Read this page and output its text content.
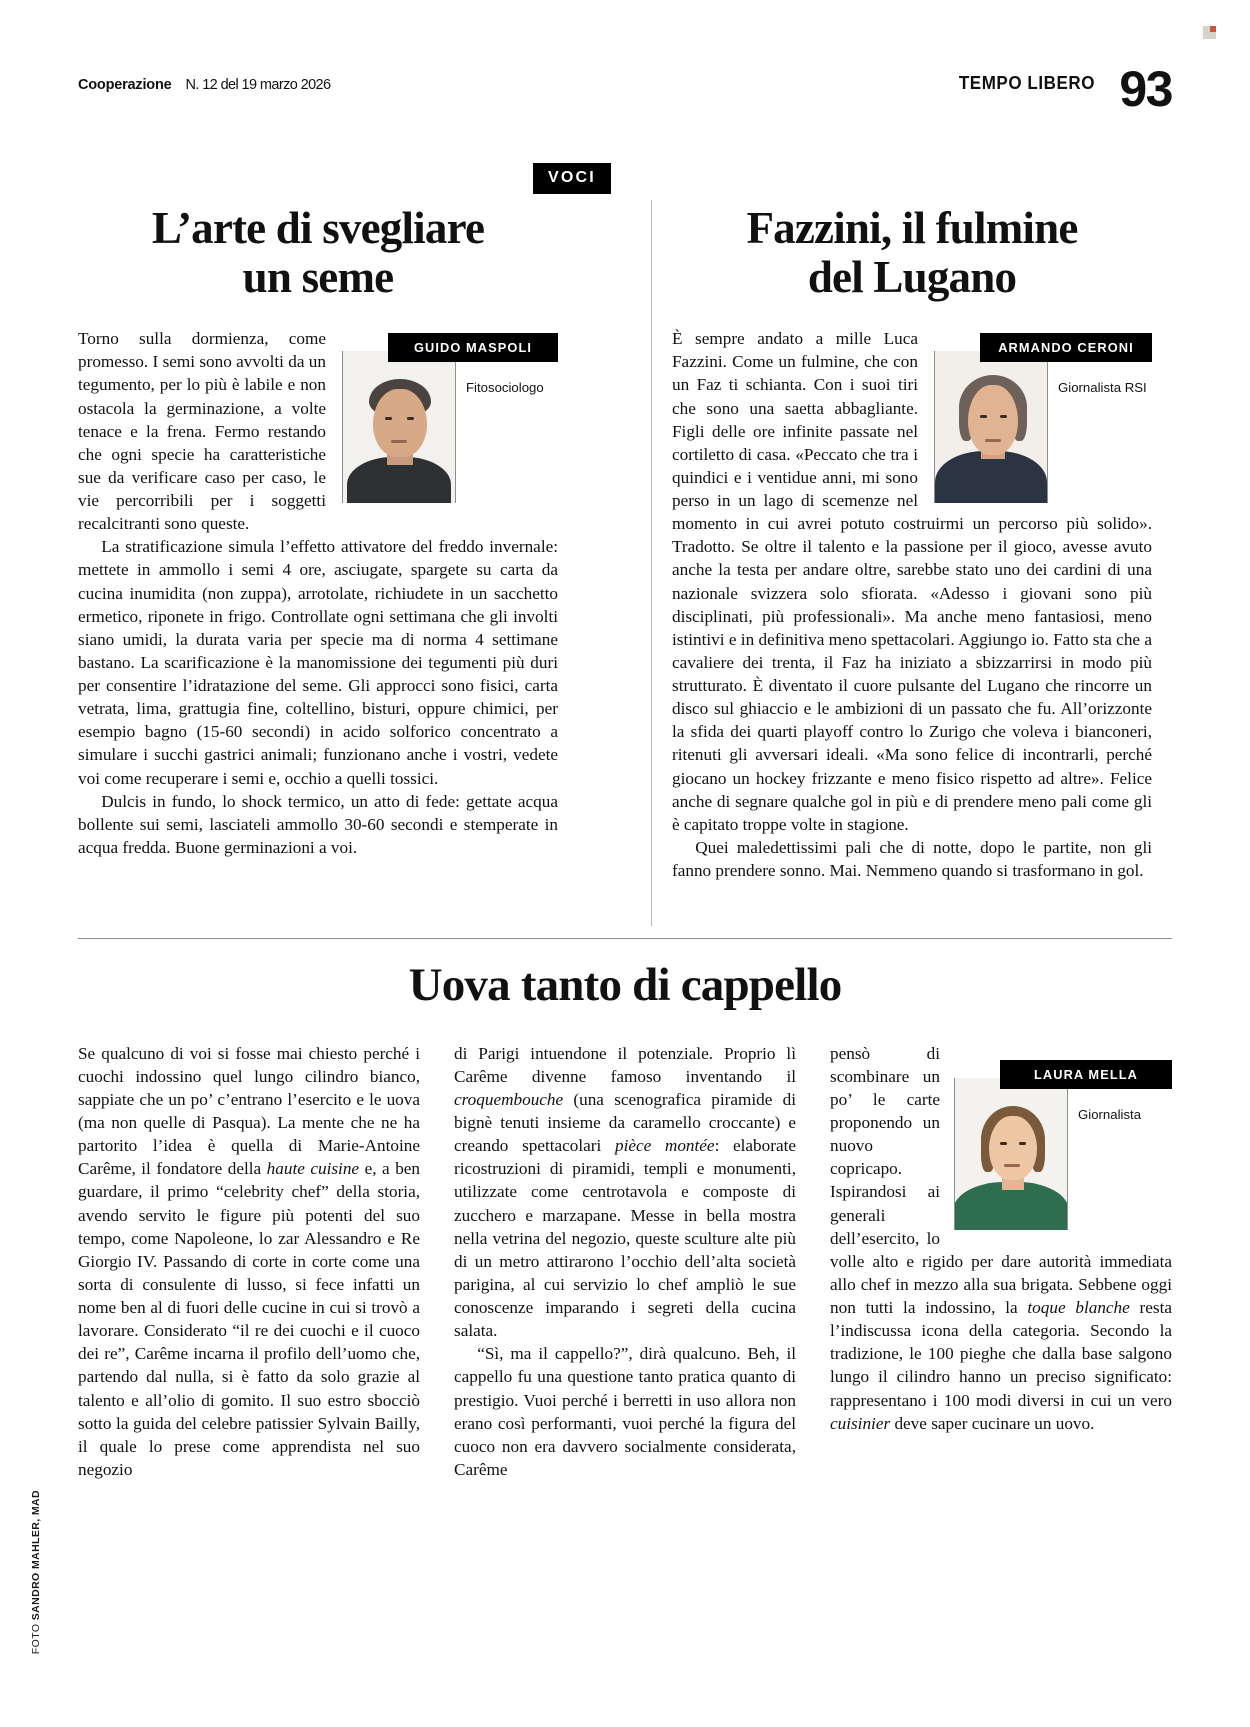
Cooperazione N. 12 del 19 marzo 2026	TEMPO LIBERO 93
VOCI
L’arte di svegliare
un seme
GUIDO MASPOLI
Fitosociologo

Torno sulla dormienza, come promesso. I semi sono avvolti da un tegumento, per lo più è labile e non ostacola la germinazione, a volte tenace e la frena. Fermo restando che ogni specie ha caratteristiche sue da verificare caso per caso, le vie percorribili per i soggetti recalcitranti sono queste.

La stratificazione simula l’effetto attivatore del freddo invernale: mettete in ammollo i semi 4 ore, asciugate, spargete su carta da cucina inumidita (non zuppa), arrotolate, richiudete in un sacchetto ermetico, riponete in frigo. Controllate ogni settimana che gli involti siano umidi, la durata varia per specie ma di norma 4 settimane bastano. La scarificazione è la manomissione dei tegumenti più duri per consentire l’idratazione del seme. Gli approcci sono fisici, carta vetrata, lima, grattugia fine, coltellino, bisturi, oppure chimici, per esempio bagno (15-60 secondi) in acido solforico concentrato a simulare i succhi gastrici animali; funzionano anche i vostri, vedete voi come recuperare i semi e, occhio a quelli tossici.

Dulcis in fundo, lo shock termico, un atto di fede: gettate acqua bollente sui semi, lasciateli ammollo 30-60 secondi e stemperate in acqua fredda. Buone germinazioni a voi.

Fazzini, il fulmine
del Lugano
ARMANDO CERONI
Giornalista RSI

È sempre andato a mille Luca Fazzini. Come un fulmine, che con un Faz ti schianta. Con i suoi tiri che sono una saetta abbagliante. Figli delle ore infinite passate nel cortiletto di casa. «Peccato che tra i quindici e i ventidue anni, mi sono perso in un lago di scemenze nel momento in cui avrei potuto costruirmi un percorso più solido». Tradotto. Se oltre il talento e la passione per il gioco, avesse avuto anche la testa per andare oltre, sarebbe stato uno dei cardini di una nazionale svizzera solo sfiorata. «Adesso i giovani sono più disciplinati, più professionali». Ma anche meno fantasiosi, meno istintivi e in definitiva meno spettacolari. Aggiungo io. Fatto sta che a cavaliere dei trenta, il Faz ha iniziato a sbizzarrirsi in modo più strutturato. È diventato il cuore pulsante del Lugano che rincorre un disco sul ghiaccio e le ambizioni di un passato che fu. All’orizzonte la sfida dei quarti playoff contro lo Zurigo che voleva i bianconeri, ritenuti gli avversari ideali. «Ma sono felice di incontrarli, perché giocano un hockey frizzante e meno fisico rispetto ad altre». Felice anche di segnare qualche gol in più e di prendere meno pali come gli è capitato troppe volte in stagione.

Quei maledettissimi pali che di notte, dopo le partite, non gli fanno prendere sonno. Mai. Nemmeno quando si trasformano in gol.

Uova tanto di cappello

Se qualcuno di voi si fosse mai chiesto perché i cuochi indossino quel lungo cilindro bianco, sappiate che un po’ c’entrano l’esercito e le uova (ma non quelle di Pasqua). La mente che ne ha partorito l’idea è quella di Marie-Antoine Carême, il fondatore della haute cuisine e, a ben guardare, il primo “celebrity chef” della storia, avendo servito le figure più potenti del suo tempo, come Napoleone, lo zar Alessandro e Re Giorgio IV. Passando di corte in corte come una sorta di consulente di lusso, si fece infatti un nome ben al di fuori delle cucine in cui si trovò a lavorare. Considerato “il re dei cuochi e il cuoco dei re”, Carême incarna il profilo dell’uomo che, partendo dal nulla, si è fatto da solo grazie al talento e all’olio di gomito. Il suo estro sbocciò sotto la guida del celebre patissier Sylvain Bailly, il quale lo prese come apprendista nel suo negozio

di Parigi intuendone il potenziale. Proprio lì Carême divenne famoso inventando il croquembouche (una scenografica piramide di bignè tenuti insieme da caramello croccante) e creando spettacolari pièce montée: elaborate ricostruzioni di piramidi, templi e monumenti, utilizzate come centrotavola e composte di zucchero e marzapane. Messe in bella mostra nella vetrina del negozio, queste sculture alte più di un metro attirarono l’occhio dell’alta società parigina, al cui servizio lo chef ampliò le sue conoscenze imparando i segreti della cucina salata.

“Sì, ma il cappello?”, dirà qualcuno. Beh, il cappello fu una questione tanto pratica quanto di prestigio. Vuoi perché i berretti in uso allora non erano così performanti, vuoi perché la figura del cuoco non era davvero socialmente considerata, Carême

LAURA MELLA
Giornalista

pensò di scombinare un po’ le carte proponendo un nuovo copricapo. Ispirandosi ai generali dell’esercito, lo volle alto e rigido per dare autorità immediata allo chef in mezzo alla sua brigata. Sebbene oggi non tutti la indossino, la toque blanche resta l’indiscussa icona della categoria. Secondo la tradizione, le 100 pieghe che dalla base salgono lungo il cilindro hanno un preciso significato: rappresentano i 100 modi diversi in cui un vero cuisinier deve saper cucinare un uovo.

FOTO SANDRO MAHLER, MAD
